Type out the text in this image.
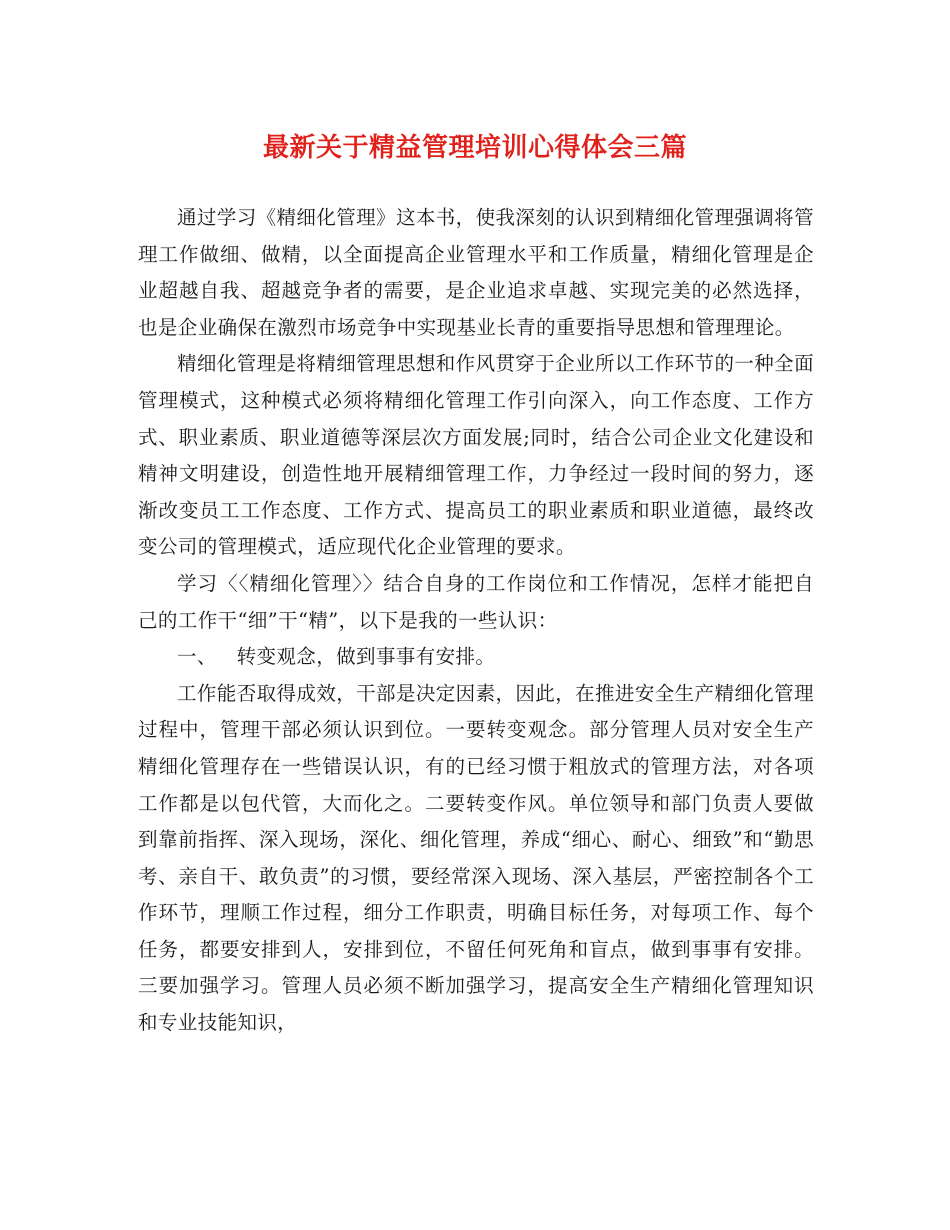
最新关于精益管理培训心得体会三篇

通过学习《精细化管理》这本书，使我深刻的认识到精细化管理强调将管理工作做细、做精，以全面提高企业管理水平和工作质量，精细化管理是企业超越自我、超越竞争者的需要，是企业追求卓越、实现完美的必然选择，也是企业确保在激烈市场竞争中实现基业长青的重要指导思想和管理理论。

精细化管理是将精细管理思想和作风贯穿于企业所以工作环节的一种全面管理模式，这种模式必须将精细化管理工作引向深入，向工作态度、工作方式、职业素质、职业道德等深层次方面发展;同时，结合公司企业文化建设和精神文明建设，创造性地开展精细管理工作，力争经过一段时间的努力，逐渐改变员工工作态度、工作方式、提高员工的职业素质和职业道德，最终改变公司的管理模式，适应现代化企业管理的要求。

学习〈〈精细化管理〉〉结合自身的工作岗位和工作情况，怎样才能把自己的工作干“细”干“精”，以下是我的一些认识：

一、   转变观念，做到事事有安排。

工作能否取得成效，干部是决定因素，因此，在推进安全生产精细化管理过程中，管理干部必须认识到位。一要转变观念。部分管理人员对安全生产精细化管理存在一些错误认识，有的已经习惯于粗放式的管理方法，对各项工作都是以包代管，大而化之。二要转变作风。单位领导和部门负责人要做到靠前指挥、深入现场，深化、细化管理，养成“细心、耐心、细致”和“勤思考、亲自干、敢负责”的习惯，要经常深入现场、深入基层，严密控制各个工作环节，理顺工作过程，细分工作职责，明确目标任务，对每项工作、每个任务，都要安排到人，安排到位，不留任何死角和盲点，做到事事有安排。三要加强学习。管理人员必须不断加强学习，提高安全生产精细化管理知识和专业技能知识，
